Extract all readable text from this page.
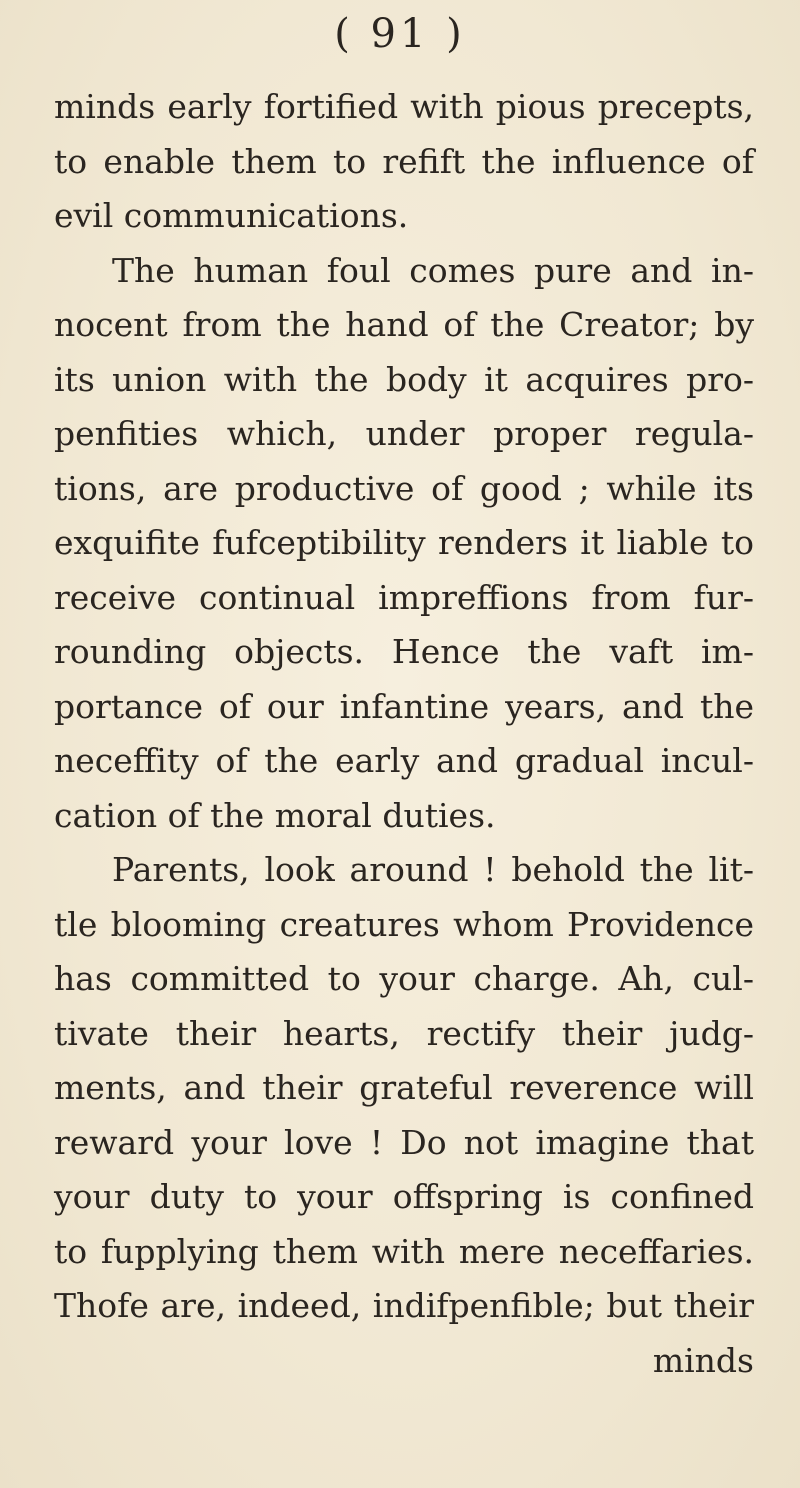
( 91 )
minds early fortified with pious precepts,
to enable them to refift the influence of
evil communications.
The human foul comes pure and in-
nocent from the hand of the Creator; by
its union with the body it acquires pro-
penfities which, under proper regula-
tions, are productive of good ; while its
exquifite fufceptibility renders it liable to
receive continual impreffions from fur-
rounding objects. Hence the vaft im-
portance of our infantine years, and the
neceffity of the early and gradual incul-
cation of the moral duties.
Parents, look around ! behold the lit-
tle blooming creatures whom Providence
has committed to your charge. Ah, cul-
tivate their hearts, rectify their judg-
ments, and their grateful reverence will
reward your love ! Do not imagine that
your duty to your offspring is confined
to fupplying them with mere neceffaries.
Thofe are, indeed, indifpenfible; but their
minds
